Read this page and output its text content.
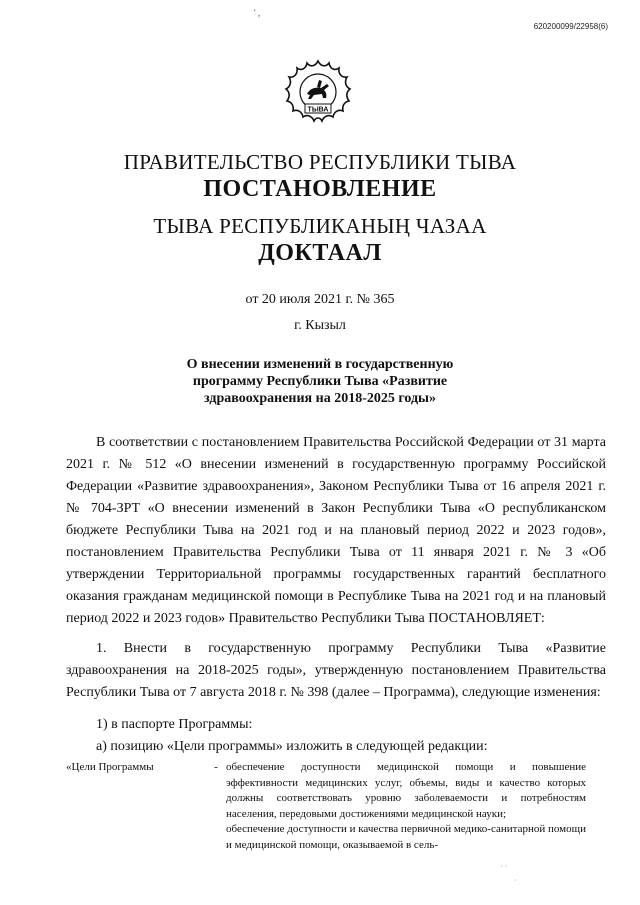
' ,
620200099/22958(6)
ТЫВА
ПРАВИТЕЛЬСТВО РЕСПУБЛИКИ ТЫВА
ПОСТАНОВЛЕНИЕ
ТЫВА РЕСПУБЛИКАНЫҢ ЧАЗАА
ДОКТААЛ
от 20 июля 2021 г. № 365
г. Кызыл
О внесении изменений в государственную
программу Республики Тыва «Развитие
здравоохранения на 2018-2025 годы»
В соответствии с постановлением Правительства Российской Федерации от 31 марта 2021 г. № 512 «О внесении изменений в государственную программу Российской Федерации «Развитие здравоохранения», Законом Республики Тыва от 16 апреля 2021 г. № 704-ЗРТ «О внесении изменений в Закон Республики Тыва «О республиканском бюджете Республики Тыва на 2021 год и на плановый период 2022 и 2023 годов», постановлением Правительства Республики Тыва от 11 января 2021 г. № 3 «Об утверждении Территориальной программы государственных гарантий бесплатного оказания гражданам медицинской помощи в Республике Тыва на 2021 год и на плановый период 2022 и 2023 годов» Правительство Республики Тыва ПОСТАНОВЛЯЕТ:
1. Внести в государственную программу Республики Тыва «Развитие здравоохранения на 2018-2025 годы», утвержденную постановлением Правительства Республики Тыва от 7 августа 2018 г. № 398 (далее – Программа), следующие изменения:
1) в паспорте Программы:
а) позицию «Цели программы» изложить в следующей редакции:
«Цели Программы	- обеспечение доступности медицинской помощи и повышение эффективности медицинских услуг, объемы, виды и качество которых должны соответствовать уровню заболеваемости и потребностям населения, передовыми достижениями медицинской науки;
обеспечение доступности и качества первичной медико-санитарной помощи и медицинской помощи, оказываемой в сель-
· ·
·
